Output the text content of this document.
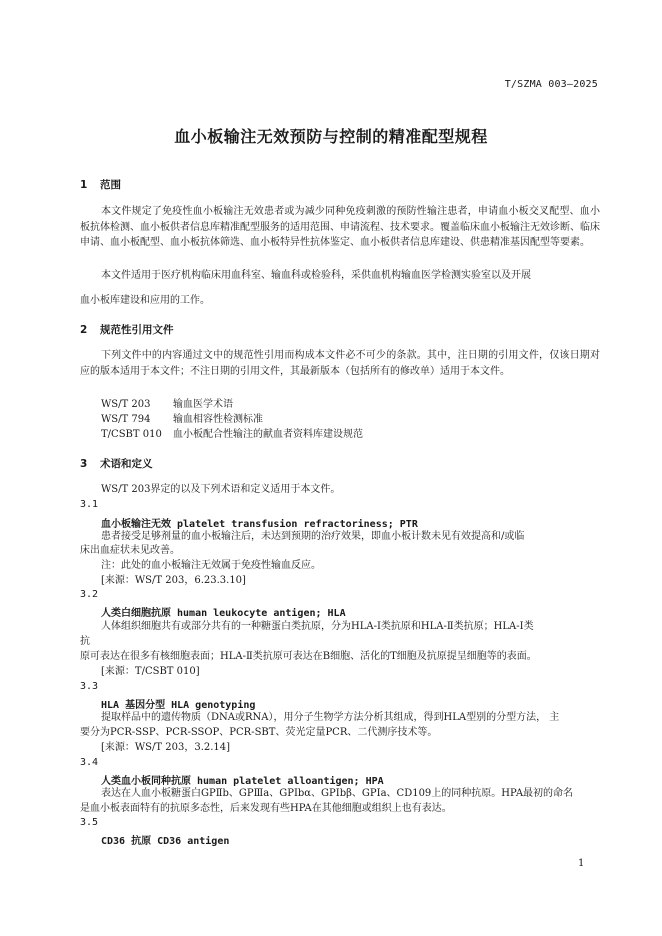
T/SZMA 003—2025
血小板输注无效预防与控制的精准配型规程
1 范围
本文件规定了免疫性血小板输注无效患者或为减少同种免疫刺激的预防性输注患者，申请血小板交叉配型、血小板抗体检测、血小板供者信息库精准配型服务的适用范围、申请流程、技术要求。覆盖临床血小板输注无效诊断、临床申请、血小板配型、血小板抗体筛选、血小板特异性抗体鉴定、血小板供者信息库建设、供患精准基因配型等要素。
本文件适用于医疗机构临床用血科室、输血科或检验科，采供血机构输血医学检测实验室以及开展
血小板库建设和应用的工作。
2 规范性引用文件
下列文件中的内容通过文中的规范性引用而构成本文件必不可少的条款。其中，注日期的引用文件，仅该日期对应的版本适用于本文件；不注日期的引用文件，其最新版本（包括所有的修改单）适用于本文件。
WS/T 203 输血医学术语
WS/T 794 输血相容性检测标准
T/CSBT 010 血小板配合性输注的献血者资料库建设规范
3 术语和定义
WS/T 203界定的以及下列术语和定义适用于本文件。
3.1
血小板输注无效 platelet transfusion refractoriness; PTR
患者接受足够剂量的血小板输注后，未达到预期的治疗效果，即血小板计数未见有效提高和/或临
床出血症状未见改善。
注：此处的血小板输注无效属于免疫性输血反应。
[来源：WS/T 203，6.23.3.10]
3.2
人类白细胞抗原 human leukocyte antigen; HLA
人体组织细胞共有或部分共有的一种糖蛋白类抗原，分为HLA-Ⅰ类抗原和HLA-Ⅱ类抗原；HLA-Ⅰ类
抗
原可表达在很多有核细胞表面；HLA-Ⅱ类抗原可表达在B细胞、活化的T细胞及抗原提呈细胞等的表面。
[来源：T/CSBT 010]
3.3
HLA 基因分型 HLA genotyping
提取样品中的遗传物质（DNA或RNA），用分子生物学方法分析其组成，得到HLA型别的分型方法， 主
要分为PCR-SSP、PCR-SSOP、PCR-SBT、荧光定量PCR、二代测序技术等。
[来源：WS/T 203，3.2.14]
3.4
人类血小板同种抗原 human platelet alloantigen; HPA
表达在人血小板糖蛋白GPⅡb、GPⅢa、GPⅠbα、GPⅠbβ、GPⅠa、CD109上的同种抗原。HPA最初的命名
是血小板表面特有的抗原多态性，后来发现有些HPA在其他细胞或组织上也有表达。
3.5
CD36 抗原 CD36 antigen
1
